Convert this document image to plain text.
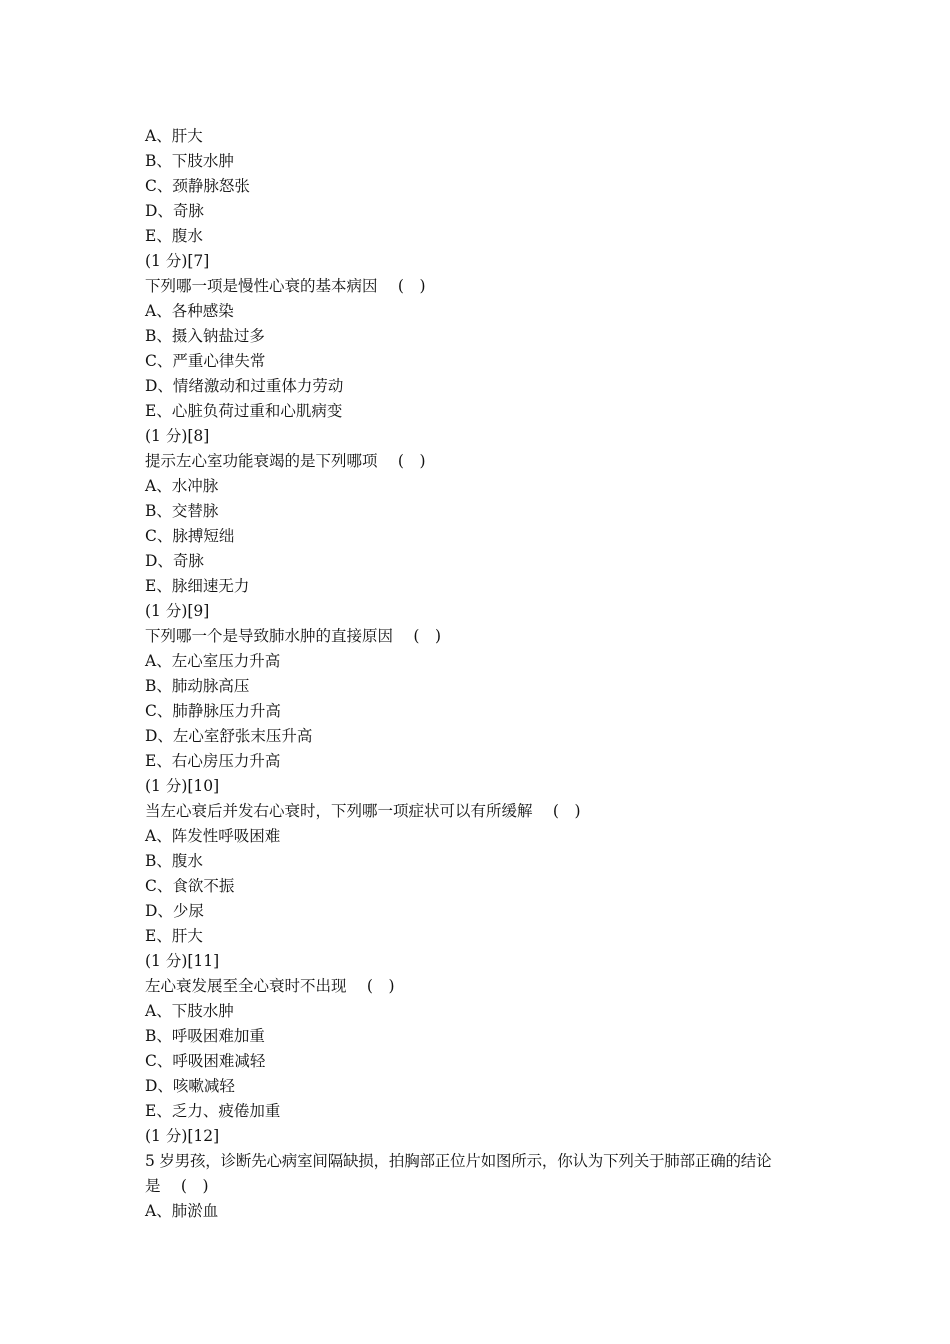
A、肝大
B、下肢水肿
C、颈静脉怒张
D、奇脉
E、腹水
(1 分)[7]
下列哪一项是慢性心衰的基本病因　 (　)
A、各种感染
B、摄入钠盐过多
C、严重心律失常
D、情绪激动和过重体力劳动
E、心脏负荷过重和心肌病变
(1 分)[8]
提示左心室功能衰竭的是下列哪项　 (　)
A、水冲脉
B、交替脉
C、脉搏短绌
D、奇脉
E、脉细速无力
(1 分)[9]
下列哪一个是导致肺水肿的直接原因　 (　)
A、左心室压力升高
B、肺动脉高压
C、肺静脉压力升高
D、左心室舒张末压升高
E、右心房压力升高
(1 分)[10]
当左心衰后并发右心衰时，下列哪一项症状可以有所缓解　 (　)
A、阵发性呼吸困难
B、腹水
C、食欲不振
D、少尿
E、肝大
(1 分)[11]
左心衰发展至全心衰时不出现　 (　)
A、下肢水肿
B、呼吸困难加重
C、呼吸困难减轻
D、咳嗽减轻
E、乏力、疲倦加重
(1 分)[12]
5 岁男孩，诊断先心病室间隔缺损，拍胸部正位片如图所示，你认为下列关于肺部正确的结论
是　 (　)
A、肺淤血
